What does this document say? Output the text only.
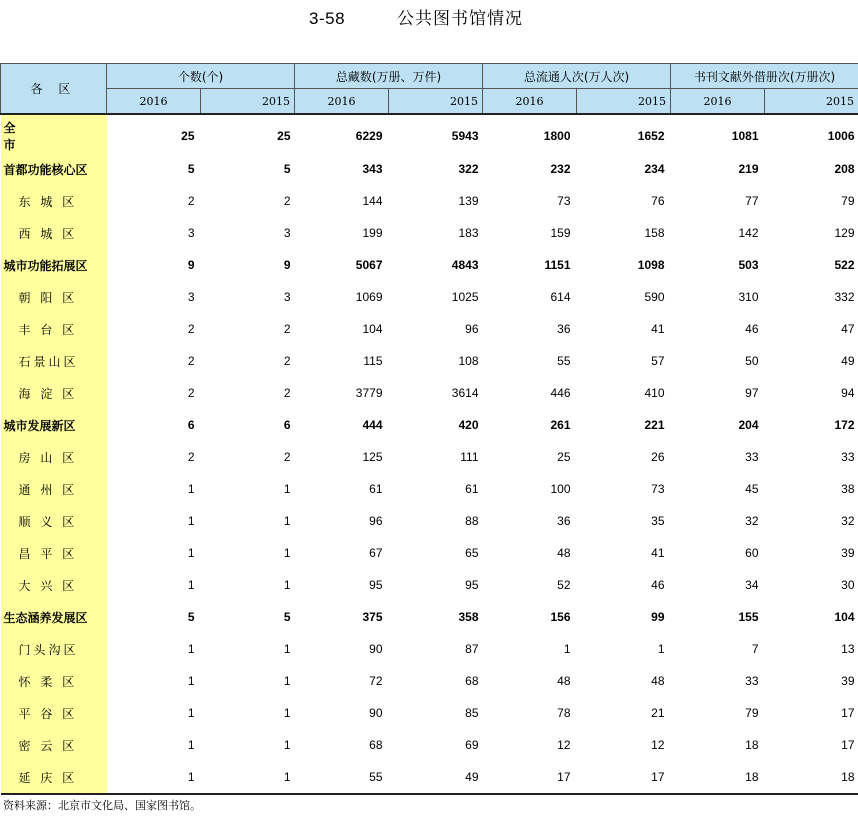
3-58	公共图书馆情况
各 区	个数(个)		总藏数(万册、万件)		总流通人次(万人次)		书刊文献外借册次(万册次)	
	2016	2015	2016	2015	2016	2015	2016	2015

全 市	25	25	6229	5943	1800	1652	1081	1006
首都功能核心区	5	5	343	322	232	234	219	208
东 城 区	2	2	144	139	73	76	77	79
西 城 区	3	3	199	183	159	158	142	129
城市功能拓展区	9	9	5067	4843	1151	1098	503	522
朝 阳 区	3	3	1069	1025	614	590	310	332
丰 台 区	2	2	104	96	36	41	46	47
石景山区	2	2	115	108	55	57	50	49
海 淀 区	2	2	3779	3614	446	410	97	94
城市发展新区	6	6	444	420	261	221	204	172
房 山 区	2	2	125	111	25	26	33	33
通 州 区	1	1	61	61	100	73	45	38
顺 义 区	1	1	96	88	36	35	32	32
昌 平 区	1	1	67	65	48	41	60	39
大 兴 区	1	1	95	95	52	46	34	30
生态涵养发展区	5	5	375	358	156	99	155	104
门头沟区	1	1	90	87	1	1	7	13
怀 柔 区	1	1	72	68	48	48	33	39
平 谷 区	1	1	90	85	78	21	79	17
密 云 区	1	1	68	69	12	12	18	17
延 庆 区	1	1	55	49	17	17	18	18
资料来源：北京市文化局、国家图书馆。
